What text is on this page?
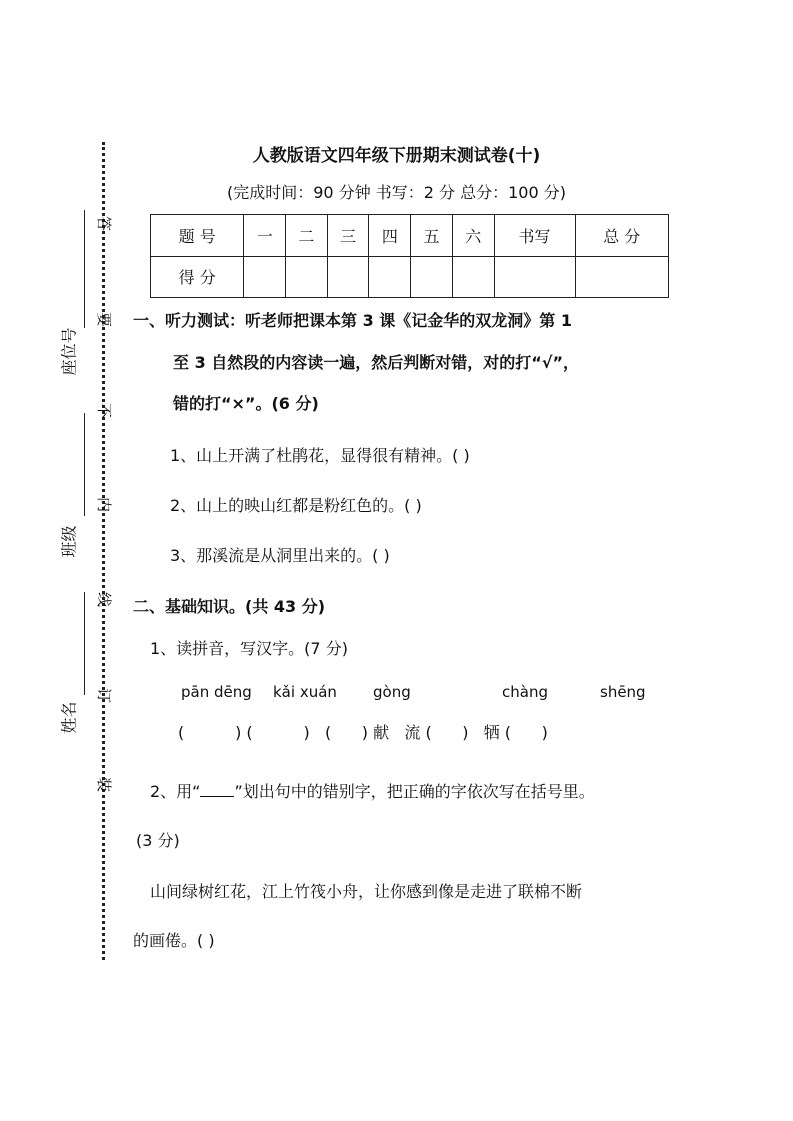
人教版语文四年级下册期末测试卷(十)
(完成时间：90 分钟 书写：2 分 总分：100 分)
题 号	一	二	三	四	五	六	书写	总 分
得 分								
答
要
不
内
线
订
装
座位号
班级
姓名
一、听力测试：听老师把课本第 3 课《记金华的双龙洞》第 1
至 3 自然段的内容读一遍，然后判断对错，对的打“√”，
错的打“×”。(6 分)
1、山上开满了杜鹃花，显得很有精神。( )
2、山上的映山红都是粉红色的。( )
3、那溪流是从洞里出来的。( )
二、基础知识。(共 43 分)
1、读拼音，写汉字。(7 分)
pān dēng kǎi xuán gòng	chàng	shēng
(          ) (          )   (      ) 献   流 (      )   牺 (      )
2、用“ ”划出句中的错别字，把正确的字依次写在括号里。
(3 分)
山间绿树红花，江上竹筏小舟，让你感到像是走进了联棉不断
的画倦。( )
